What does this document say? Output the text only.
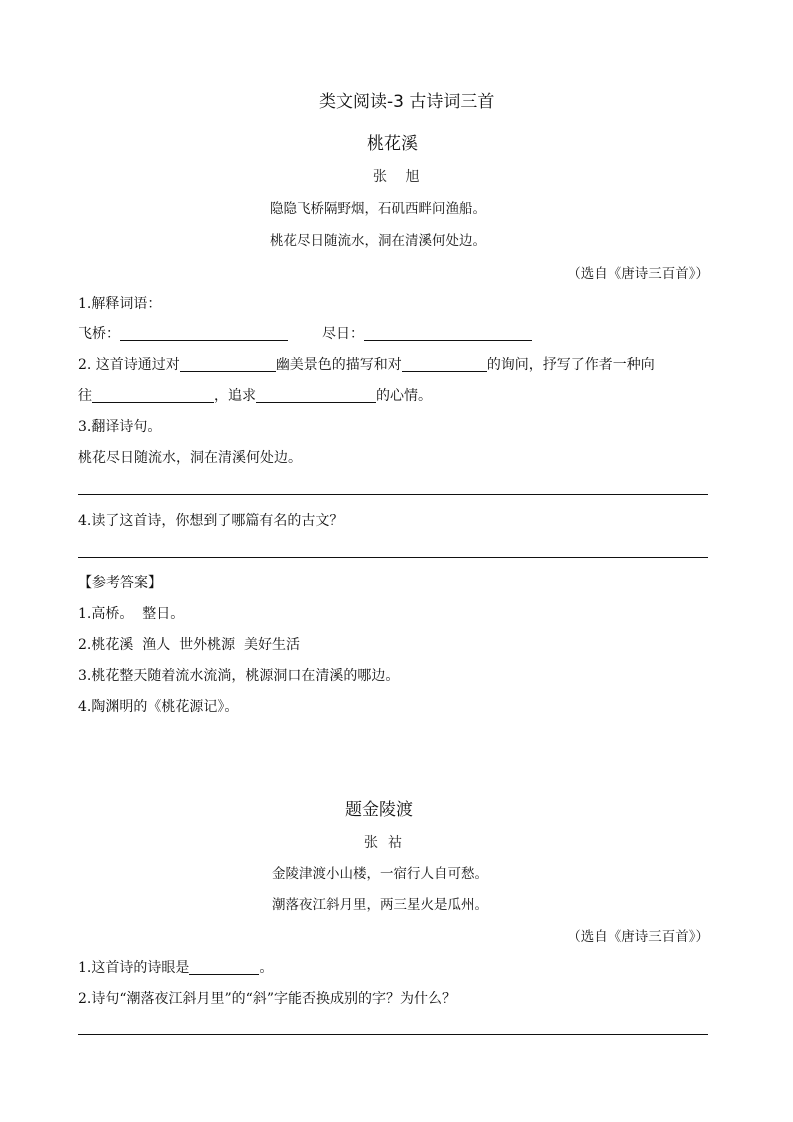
类文阅读-3 古诗词三首
桃花溪
张 旭
隐隐飞桥隔野烟，石矶西畔问渔船。
桃花尽日随流水，洞在清溪何处边。
（选自《唐诗三百首》）
1.解释词语：
飞桥：	尽日：
2. 这首诗通过对	幽美景色的描写和对	的询问，抒写了作者一种向
往	，追求	的心情。
3.翻译诗句。
桃花尽日随流水，洞在清溪何处边。
4.读了这首诗，你想到了哪篇有名的古文？
【参考答案】
1.高桥。  整日。
2.桃花溪  渔人  世外桃源  美好生活
3.桃花整天随着流水流淌，桃源洞口在清溪的哪边。
4.陶渊明的《桃花源记》。
题金陵渡
张 祜
金陵津渡小山楼，一宿行人自可愁。
潮落夜江斜月里，两三星火是瓜州。
（选自《唐诗三百首》）
1.这首诗的诗眼是	。
2.诗句“潮落夜江斜月里”的“斜”字能否换成别的字？为什么？
